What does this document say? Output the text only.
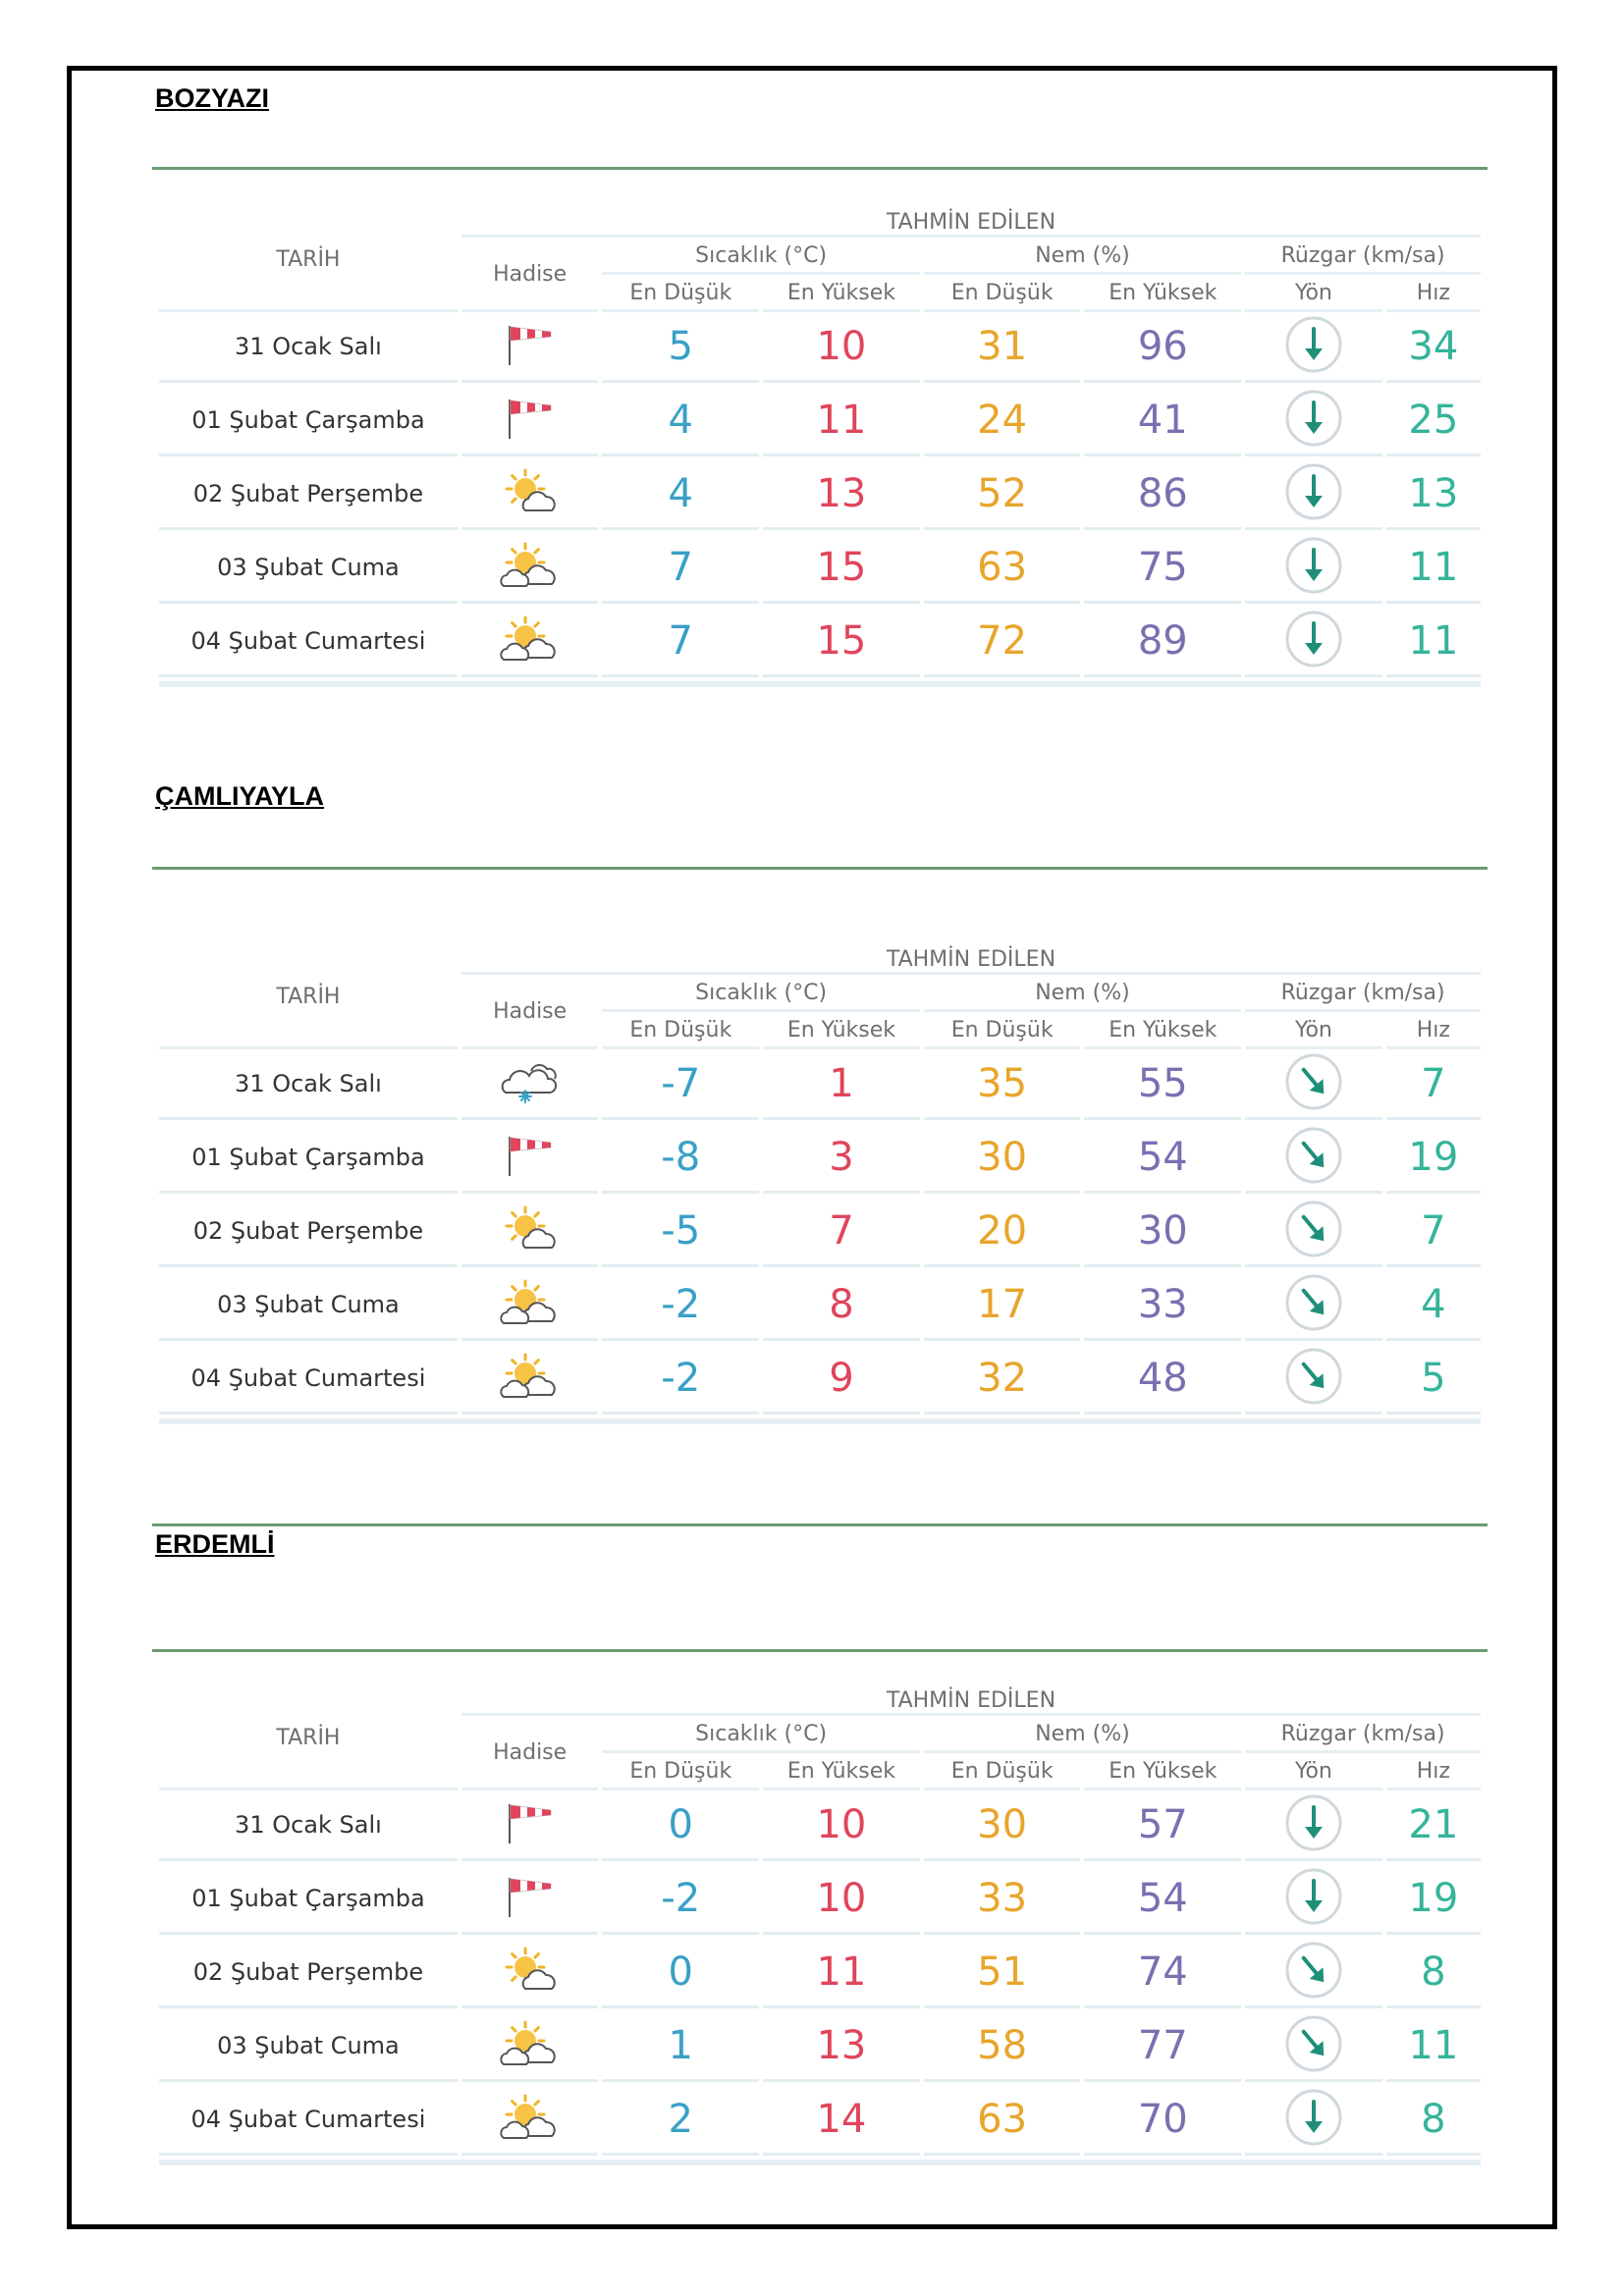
BOZYAZI
TARİH	TAHMİN EDİLEN						
	Hadise	Sıcaklık (°C)		Nem (%)		Rüzgar (km/sa)	
		En Düşük	En Yüksek	En Düşük	En Yüksek	Yön	Hız
31 Ocak Salı		5	10	31	96		34
01 Şubat Çarşamba		4	11	24	41		25
02 Şubat Perşembe		4	13	52	86		13
03 Şubat Cuma		7	15	63	75		11
04 Şubat Cumartesi		7	15	72	89		11

ÇAMLIYAYLA
TARİH	TAHMİN EDİLEN						
	Hadise	Sıcaklık (°C)		Nem (%)		Rüzgar (km/sa)	
		En Düşük	En Yüksek	En Düşük	En Yüksek	Yön	Hız
31 Ocak Salı		-7	1	35	55		7
01 Şubat Çarşamba		-8	3	30	54		19
02 Şubat Perşembe		-5	7	20	30		7
03 Şubat Cuma		-2	8	17	33		4
04 Şubat Cumartesi		-2	9	32	48		5

ERDEMLİ
TARİH	TAHMİN EDİLEN						
	Hadise	Sıcaklık (°C)		Nem (%)		Rüzgar (km/sa)	
		En Düşük	En Yüksek	En Düşük	En Yüksek	Yön	Hız
31 Ocak Salı		0	10	30	57		21
01 Şubat Çarşamba		-2	10	33	54		19
02 Şubat Perşembe		0	11	51	74		8
03 Şubat Cuma		1	13	58	77		11
04 Şubat Cumartesi		2	14	63	70		8
